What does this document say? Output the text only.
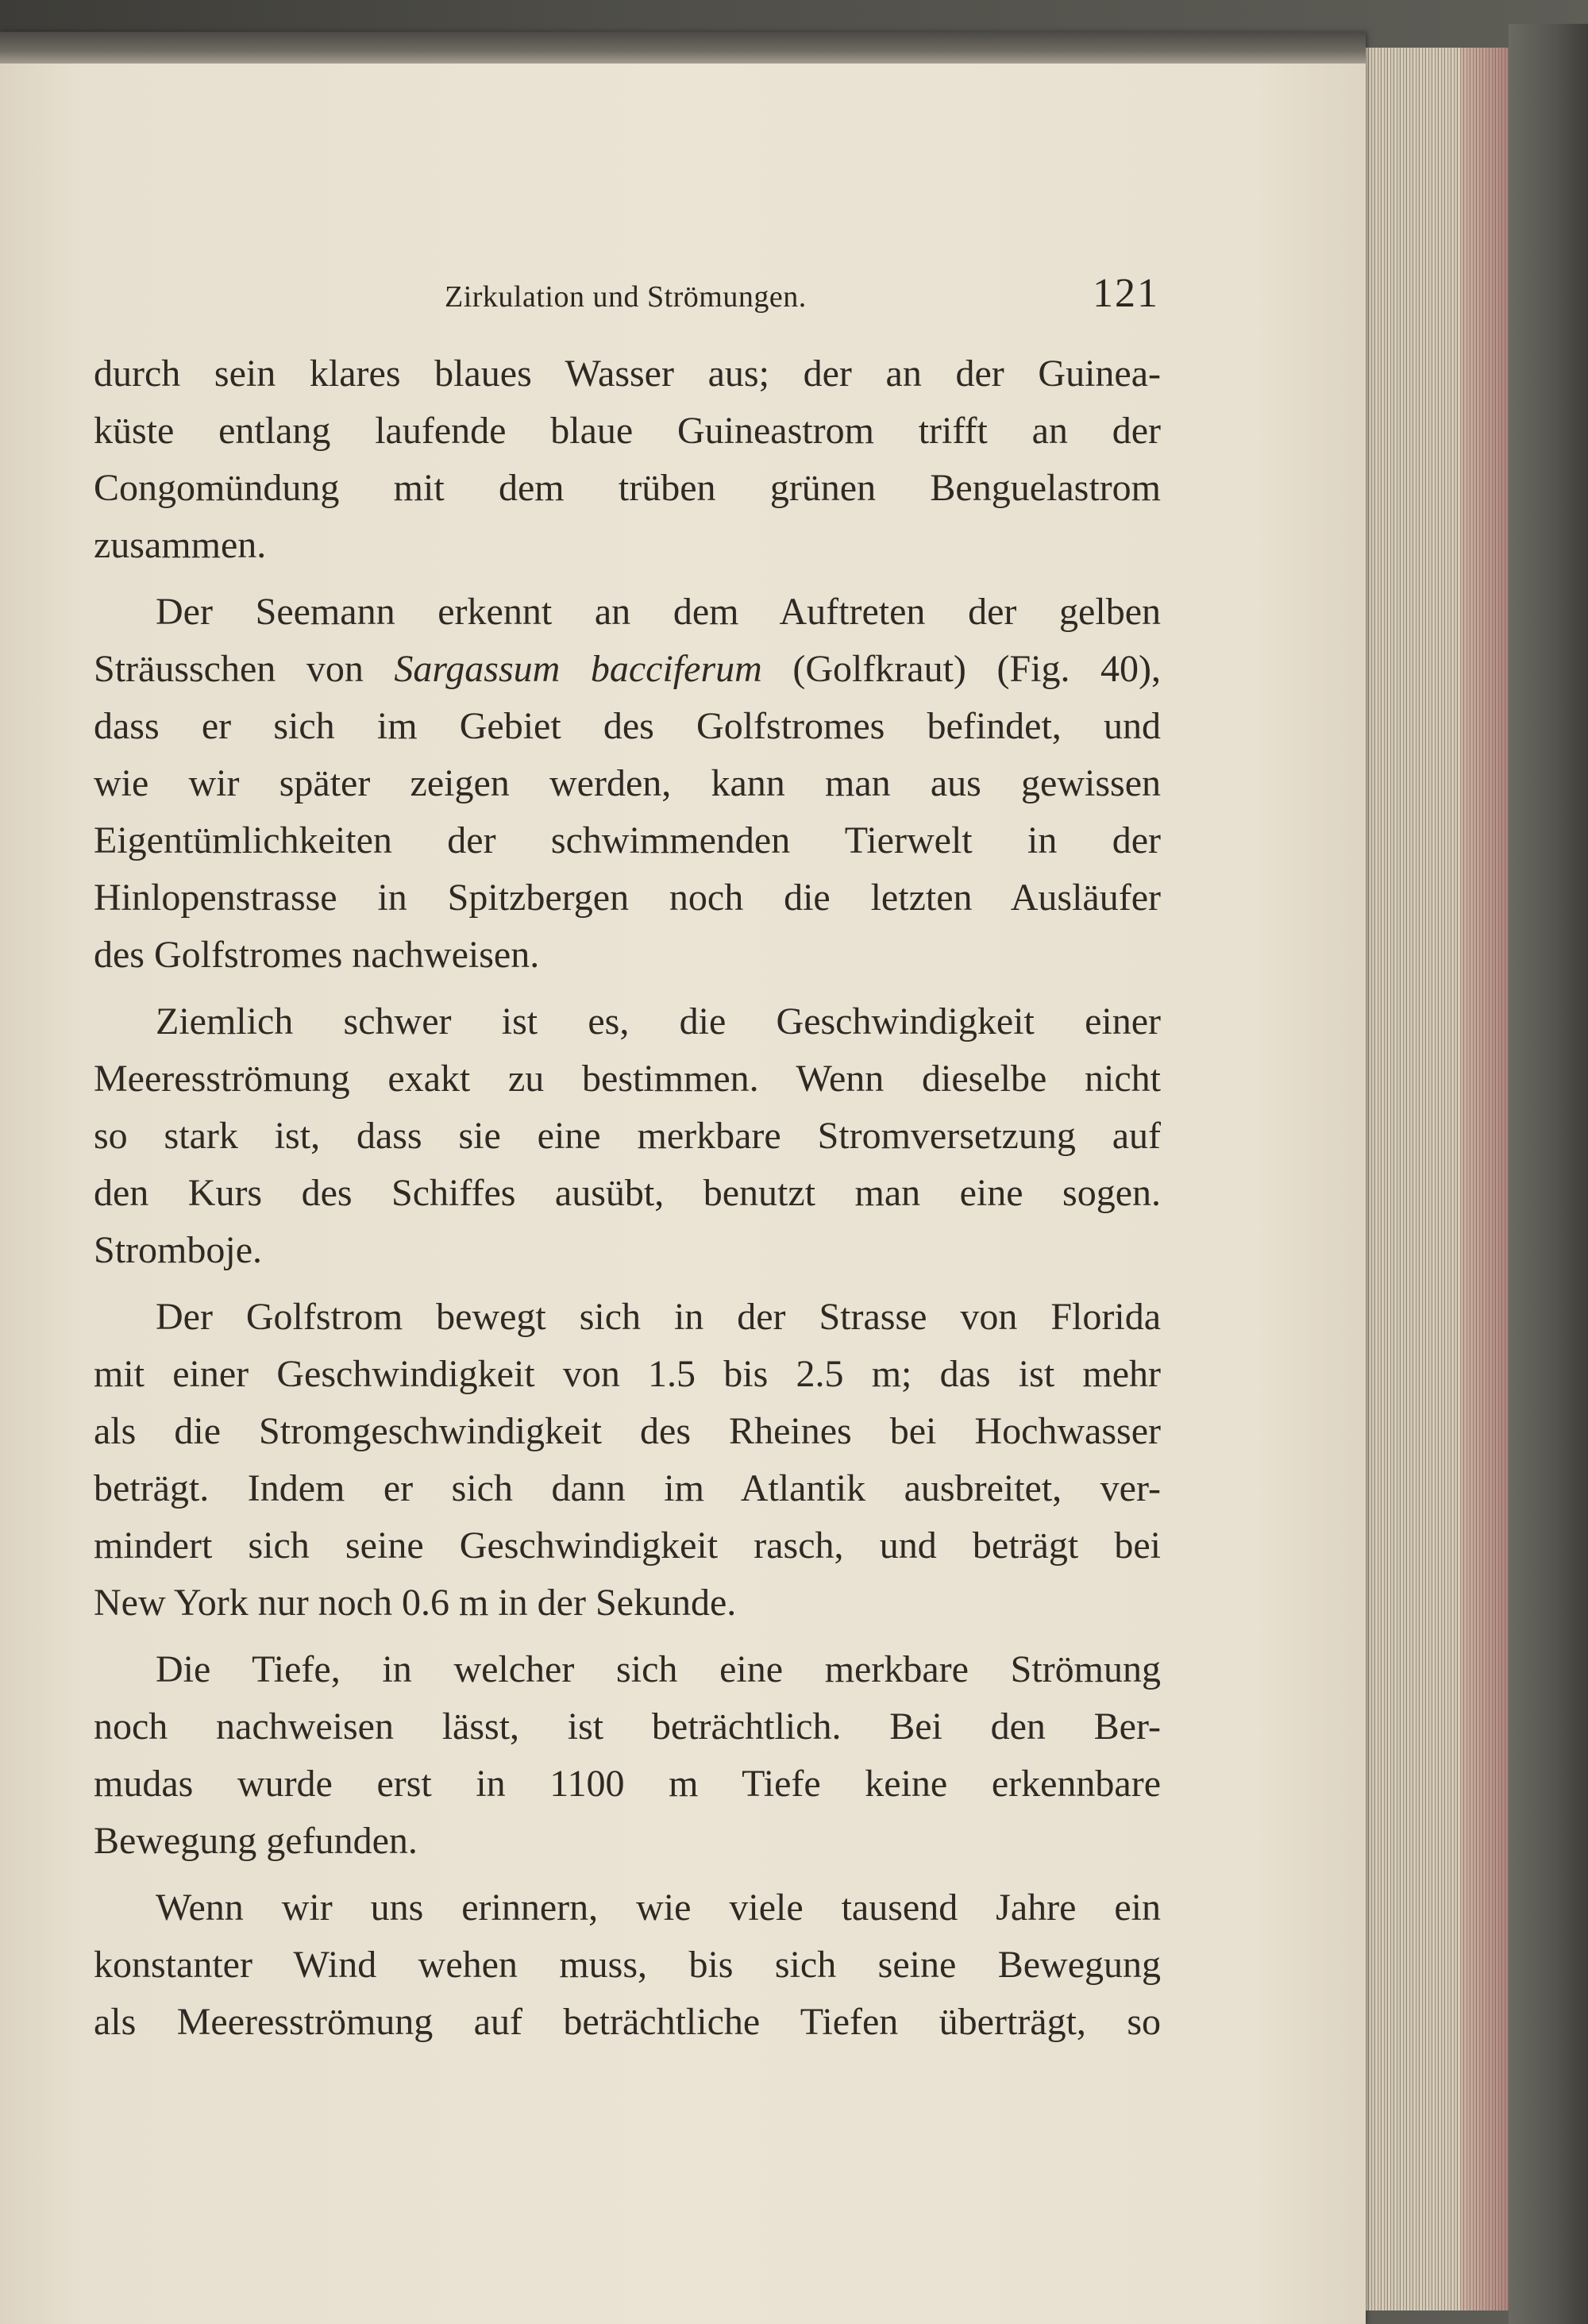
Zirkulation und Strömungen.	121
durch sein klares blaues Wasser aus; der an der Guinea-
küste entlang laufende blaue Guineastrom trifft an der
Congomündung mit dem trüben grünen Benguelastrom
zusammen.
Der Seemann erkennt an dem Auftreten der gelben
Sträusschen von Sargassum bacciferum (Golfkraut) (Fig. 40),
dass er sich im Gebiet des Golfstromes befindet, und
wie wir später zeigen werden, kann man aus gewissen
Eigentümlichkeiten der schwimmenden Tierwelt in der
Hinlopenstrasse in Spitzbergen noch die letzten Ausläufer
des Golfstromes nachweisen.
Ziemlich schwer ist es, die Geschwindigkeit einer
Meeresströmung exakt zu bestimmen. Wenn dieselbe nicht
so stark ist, dass sie eine merkbare Stromversetzung auf
den Kurs des Schiffes ausübt, benutzt man eine sogen.
Stromboje.
Der Golfstrom bewegt sich in der Strasse von Florida
mit einer Geschwindigkeit von 1.5 bis 2.5 m; das ist mehr
als die Stromgeschwindigkeit des Rheines bei Hochwasser
beträgt. Indem er sich dann im Atlantik ausbreitet, ver-
mindert sich seine Geschwindigkeit rasch, und beträgt bei
New York nur noch 0.6 m in der Sekunde.
Die Tiefe, in welcher sich eine merkbare Strömung
noch nachweisen lässt, ist beträchtlich. Bei den Ber-
mudas wurde erst in 1100 m Tiefe keine erkennbare
Bewegung gefunden.
Wenn wir uns erinnern, wie viele tausend Jahre ein
konstanter Wind wehen muss, bis sich seine Bewegung
als Meeresströmung auf beträchtliche Tiefen überträgt, so
